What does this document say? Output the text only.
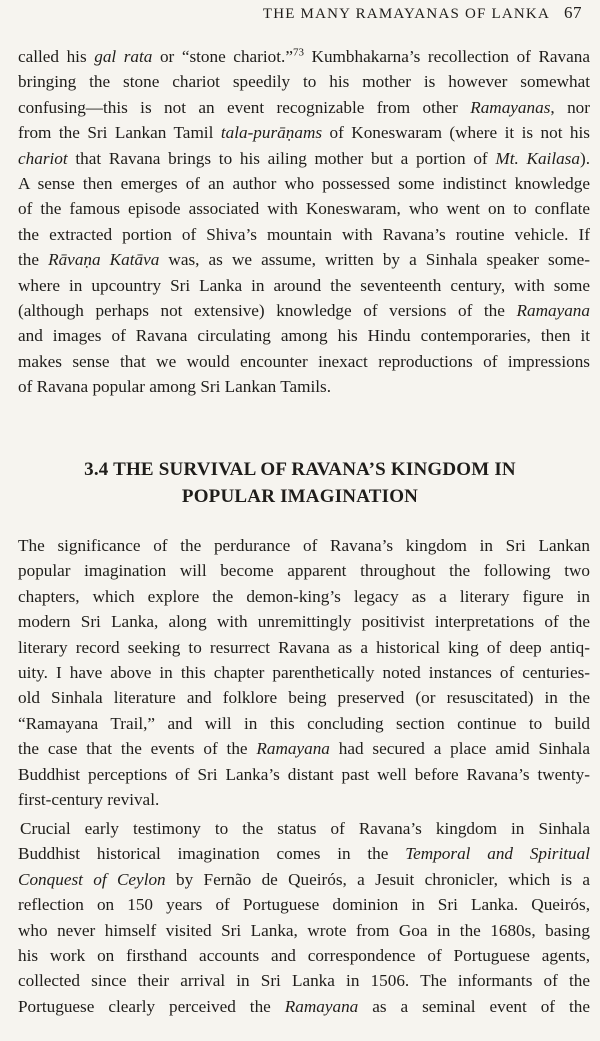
THE MANY RAMAYANAS OF LANKA 67
called his gal rata or “stone chariot.”$^{73}$ Kumbhakarna’s recollection of Ravana
bringing the stone chariot speedily to his mother is however somewhat
confusing—this is not an event recognizable from other Ramayanas, nor
from the Sri Lankan Tamil tala-purāṇams of Koneswaram (where it is not his
chariot that Ravana brings to his ailing mother but a portion of Mt. Kailasa).
A sense then emerges of an author who possessed some indistinct knowledge
of the famous episode associated with Koneswaram, who went on to conflate
the extracted portion of Shiva’s mountain with Ravana’s routine vehicle. If
the Rāvaṇa Katāva was, as we assume, written by a Sinhala speaker some-
where in upcountry Sri Lanka in around the seventeenth century, with some
(although perhaps not extensive) knowledge of versions of the Ramayana
and images of Ravana circulating among his Hindu contemporaries, then it
makes sense that we would encounter inexact reproductions of impressions
of Ravana popular among Sri Lankan Tamils.
3.4 THE SURVIVAL OF RAVANA’S KINGDOM IN
POPULAR IMAGINATION
The significance of the perdurance of Ravana’s kingdom in Sri Lankan
popular imagination will become apparent throughout the following two
chapters, which explore the demon-king’s legacy as a literary figure in
modern Sri Lanka, along with unremittingly positivist interpretations of the
literary record seeking to resurrect Ravana as a historical king of deep antiq-
uity. I have above in this chapter parenthetically noted instances of centuries-
old Sinhala literature and folklore being preserved (or resuscitated) in the
“Ramayana Trail,” and will in this concluding section continue to build
the case that the events of the Ramayana had secured a place amid Sinhala
Buddhist perceptions of Sri Lanka’s distant past well before Ravana’s twenty-
first-century revival.
Crucial early testimony to the status of Ravana’s kingdom in Sinhala
Buddhist historical imagination comes in the Temporal and Spiritual
Conquest of Ceylon by Fernão de Queirós, a Jesuit chronicler, which is a
reflection on 150 years of Portuguese dominion in Sri Lanka. Queirós,
who never himself visited Sri Lanka, wrote from Goa in the 1680s, basing
his work on firsthand accounts and correspondence of Portuguese agents,
collected since their arrival in Sri Lanka in 1506. The informants of the
Portuguese clearly perceived the Ramayana as a seminal event of the
